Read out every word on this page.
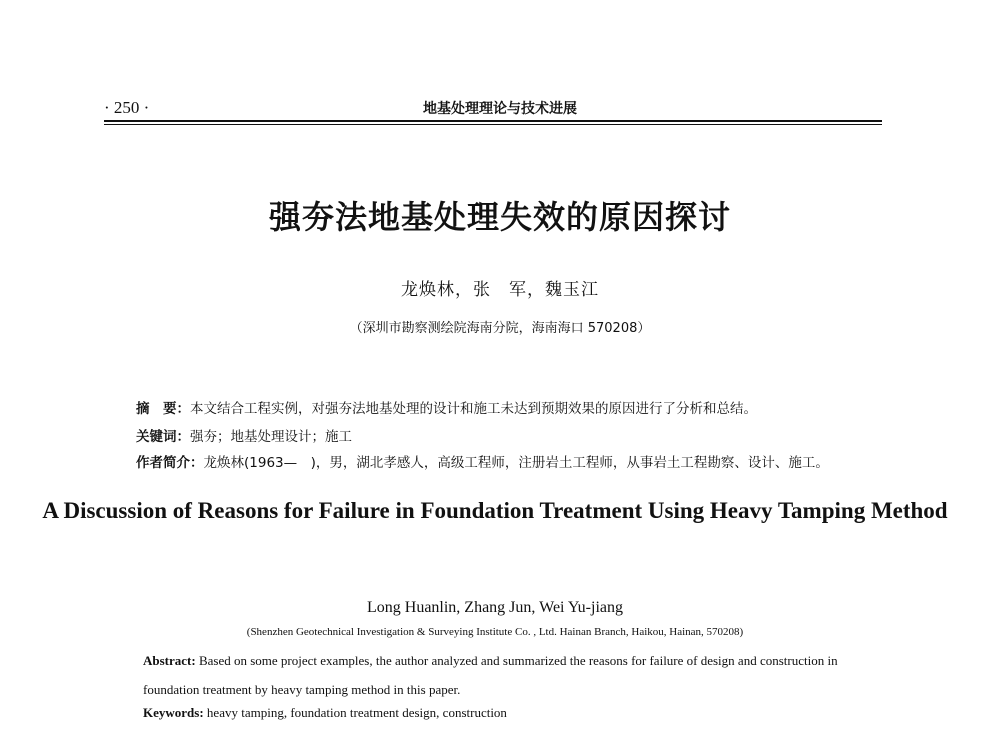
· 250 ·	地基处理理论与技术进展
强夯法地基处理失效的原因探讨
龙焕林，张　军，魏玉江
（深圳市勘察测绘院海南分院，海南海口 570208）
摘　要：本文结合工程实例，对强夯法地基处理的设计和施工未达到预期效果的原因进行了分析和总结。
关键词：强夯；地基处理设计；施工
作者简介：龙焕林(1963—　)，男，湖北孝感人，高级工程师，注册岩土工程师，从事岩土工程勘察、设计、施工。
A Discussion of Reasons for Failure in Foundation Treatment Using Heavy Tamping Method
Long Huanlin, Zhang Jun, Wei Yu-jiang
(Shenzhen Geotechnical Investigation & Surveying Institute Co. , Ltd. Hainan Branch, Haikou, Hainan, 570208)
Abstract: Based on some project examples, the author analyzed and summarized the reasons for failure of design and construction in foundation treatment by heavy tamping method in this paper.
Keywords: heavy tamping, foundation treatment design, construction
